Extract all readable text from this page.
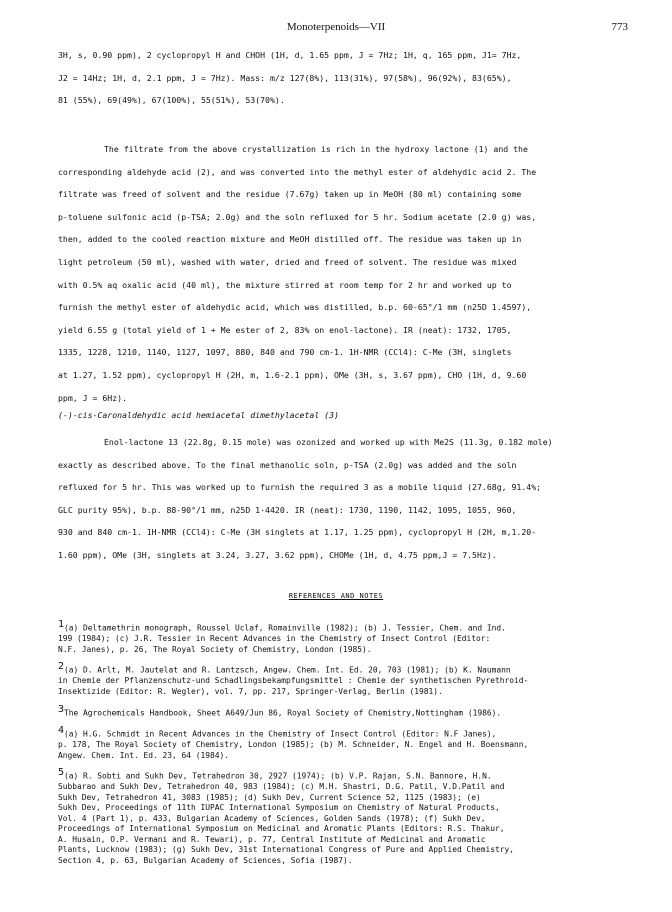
Monoterpenoids—VII	773
3H, s, 0.90 ppm), 2 cyclopropyl H and CHOH (1H, d, 1.65 ppm, J = 7Hz; 1H, q, 165 ppm, J1= 7Hz,
J2 = 14Hz; 1H, d, 2.1 ppm, J = 7Hz). Mass: m/z 127(8%), 113(31%), 97(58%), 96(92%), 83(65%),
81 (55%), 69(49%), 67(100%), 55(51%), 53(70%).
The filtrate from the above crystallization is rich in the hydroxy lactone (1) and the
corresponding aldehyde acid (2), and was converted into the methyl ester of aldehydic acid 2. The
filtrate was freed of solvent and the residue (7.67g) taken up in MeOH (80 ml) containing some
p-toluene sulfonic acid (p-TSA; 2.0g) and the soln refluxed for 5 hr. Sodium acetate (2.0 g) was,
then, added to the cooled reaction mixture and MeOH distilled off. The residue was taken up in
light petroleum (50 ml), washed with water, dried and freed of solvent. The residue was mixed
with 0.5% aq oxalic acid (40 ml), the mixture stirred at room temp for 2 hr and worked up to
furnish the methyl ester of aldehydic acid, which was distilled, b.p. 60-65°/1 mm (n25D 1.4597),
yield 6.55 g (total yield of 1 + Me ester of 2, 83% on enol-lactone). IR (neat): 1732, 1705,
1335, 1228, 1210, 1140, 1127, 1097, 880, 840 and 790 cm-1. 1H-NMR (CCl4): C-Me (3H, singlets
at 1.27, 1.52 ppm), cyclopropyl H (2H, m, 1.6-2.1 ppm), OMe (3H, s, 3.67 ppm), CHO (1H, d, 9.60
ppm, J = 6Hz).
(-)-cis-Caronaldehydic acid hemiacetal dimethylacetal (3)
Enol-lactone 13 (22.8g, 0.15 mole) was ozonized and worked up with Me2S (11.3g, 0.182 mole)
exactly as described above. To the final methanolic soln, p-TSA (2.0g) was added and the soln
refluxed for 5 hr. This was worked up to furnish the required 3 as a mobile liquid (27.68g, 91.4%;
GLC purity 95%), b.p. 88-90°/1 mm, n25D 1·4420. IR (neat): 1730, 1190, 1142, 1095, 1055, 960,
930 and 840 cm-1. 1H-NMR (CCl4): C-Me (3H singlets at 1.17, 1.25 ppm), cyclopropyl H (2H, m,1.20-
1.60 ppm), OMe (3H, singlets at 3.24, 3.27, 3.62 ppm), CHOMe (1H, d, 4.75 ppm,J = 7.5Hz).
REFERENCES AND NOTES
$^1$(a) Deltamethrin monograph, Roussel Uclaf, Romainville (1982); (b) J. Tessier, Chem. and Ind.
199 (1984); (c) J.R. Tessier in Recent Advances in the Chemistry of Insect Control (Editor:
N.F. Janes), p. 26, The Royal Society of Chemistry, London (1985).
$^2$(a) D. Arlt, M. Jautelat and R. Lantzsch, Angew. Chem. Int. Ed. 20, 703 (1981); (b) K. Naumann
in Chemie der Pflanzenschutz-und Schadlingsbekampfungsmittel : Chemie der synthetischen Pyrethroid-
Insektizide (Editor: R. Wegler), vol. 7, pp. 217, Springer-Verlag, Berlin (1981).
$^3$The Agrochemicals Handbook, Sheet A649/Jun 86, Royal Society of Chemistry,Nottingham (1986).
$^4$(a) H.G. Schmidt in Recent Advances in the Chemistry of Insect Control (Editor: N.F Janes),
p. 178, The Royal Society of Chemistry, London (1985); (b) M. Schneider, N. Engel and H. Boensmann,
Angew. Chem. Int. Ed. 23, 64 (1984).
$^5$(a) R. Sobti and Sukh Dev, Tetrahedron 30, 2927 (1974); (b) V.P. Rajan, S.N. Bannore, H.N.
Subbarao and Sukh Dev, Tetrahedron 40, 983 (1984); (c) M.H. Shastri, D.G. Patil, V.D.Patil and
Sukh Dev, Tetrahedron 41, 3083 (1985); (d) Sukh Dev, Current Science 52, 1125 (1983); (e)
Sukh Dev, Proceedings of 11th IUPAC International Symposium on Chemistry of Natural Products,
Vol. 4 (Part 1), p. 433, Bulgarian Academy of Sciences, Golden Sands (1978); (f) Sukh Dev,
Proceedings of International Symposium on Medicinal and Aromatic Plants (Editors: R.S. Thakur,
A. Husain, O.P. Vermani and R. Tewari), p. 77, Central Institute of Medicinal and Aromatic
Plants, Lucknow (1983); (g) Sukh Dev, 31st International Congress of Pure and Applied Chemistry,
Section 4, p. 63, Bulgarian Academy of Sciences, Sofia (1987).
